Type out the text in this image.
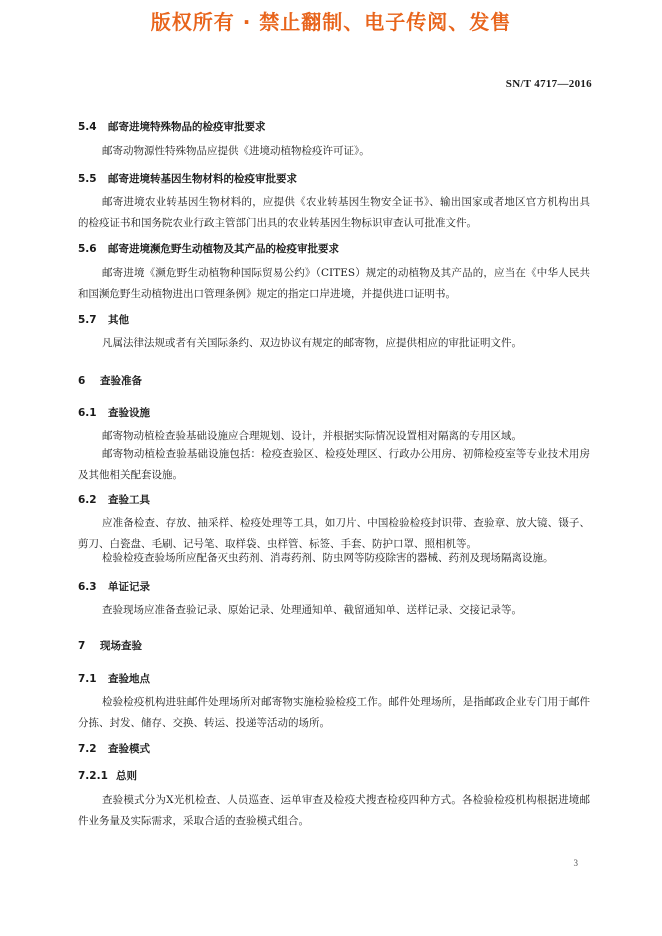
版权所有 · 禁止翻制、电子传阅、发售
SN/T 4717—2016
5.4 邮寄进境特殊物品的检疫审批要求
邮寄动物源性特殊物品应提供《进境动植物检疫许可证》。
5.5 邮寄进境转基因生物材料的检疫审批要求
邮寄进境农业转基因生物材料的，应提供《农业转基因生物安全证书》、输出国家或者地区官方机构出具的检疫证书和国务院农业行政主管部门出具的农业转基因生物标识审查认可批准文件。
5.6 邮寄进境濒危野生动植物及其产品的检疫审批要求
邮寄进境《濒危野生动植物种国际贸易公约》（CITES）规定的动植物及其产品的，应当在《中华人民共和国濒危野生动植物进出口管理条例》规定的指定口岸进境，并提供进口证明书。
5.7 其他
凡属法律法规或者有关国际条约、双边协议有规定的邮寄物，应提供相应的审批证明文件。
6 查验准备
6.1 查验设施
邮寄物动植检查验基础设施应合理规划、设计，并根据实际情况设置相对隔离的专用区域。
邮寄物动植检查验基础设施包括：检疫查验区、检疫处理区、行政办公用房、初筛检疫室等专业技术用房及其他相关配套设施。
6.2 查验工具
应准备检查、存放、抽采样、检疫处理等工具，如刀片、中国检验检疫封识带、查验章、放大镜、镊子、剪刀、白瓷盘、毛刷、记号笔、取样袋、虫样管、标签、手套、防护口罩、照相机等。
检验检疫查验场所应配备灭虫药剂、消毒药剂、防虫网等防疫除害的器械、药剂及现场隔离设施。
6.3 单证记录
查验现场应准备查验记录、原始记录、处理通知单、截留通知单、送样记录、交接记录等。
7 现场查验
7.1 查验地点
检验检疫机构进驻邮件处理场所对邮寄物实施检验检疫工作。邮件处理场所，是指邮政企业专门用于邮件分拣、封发、储存、交换、转运、投递等活动的场所。
7.2 查验模式
7.2.1 总则
查验模式分为X光机检查、人员巡查、运单审查及检疫犬搜查检疫四种方式。各检验检疫机构根据进境邮件业务量及实际需求，采取合适的查验模式组合。
3
